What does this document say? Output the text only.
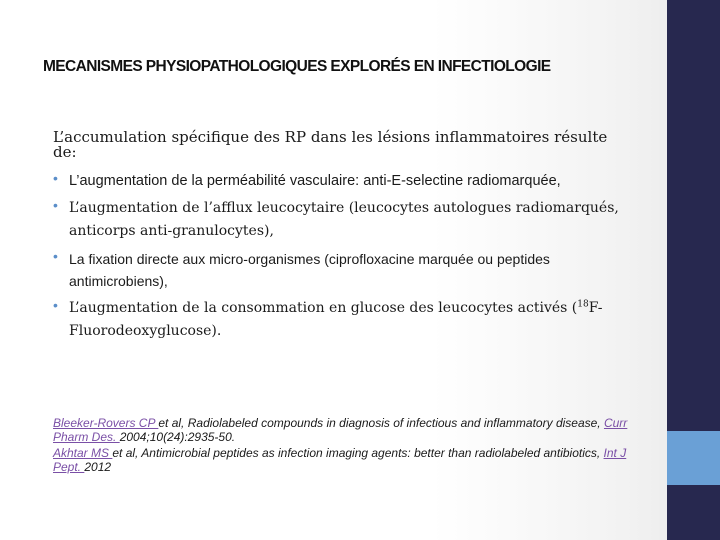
MECANISMES PHYSIOPATHOLOGIQUES EXPLORÉS EN INFECTIOLOGIE
L’accumulation spécifique des RP dans les lésions inflammatoires résulte de:
• L’augmentation de la perméabilité vasculaire: anti-E-selectine radiomarquée,
• L’augmentation de l’afflux leucocytaire (leucocytes autologues radiomarqués, anticorps anti-granulocytes),
• La fixation directe aux micro-organismes (ciprofloxacine marquée ou peptides antimicrobiens),
• L’augmentation de la consommation en glucose des leucocytes activés ($^{18}$F-Fluorodeoxyglucose).
Bleeker-Rovers CP et al, Radiolabeled compounds in diagnosis of infectious and inflammatory disease, Curr Pharm Des. 2004;10(24):2935-50.
Akhtar MS et al, Antimicrobial peptides as infection imaging agents: better than radiolabeled antibiotics, Int J Pept. 2012
